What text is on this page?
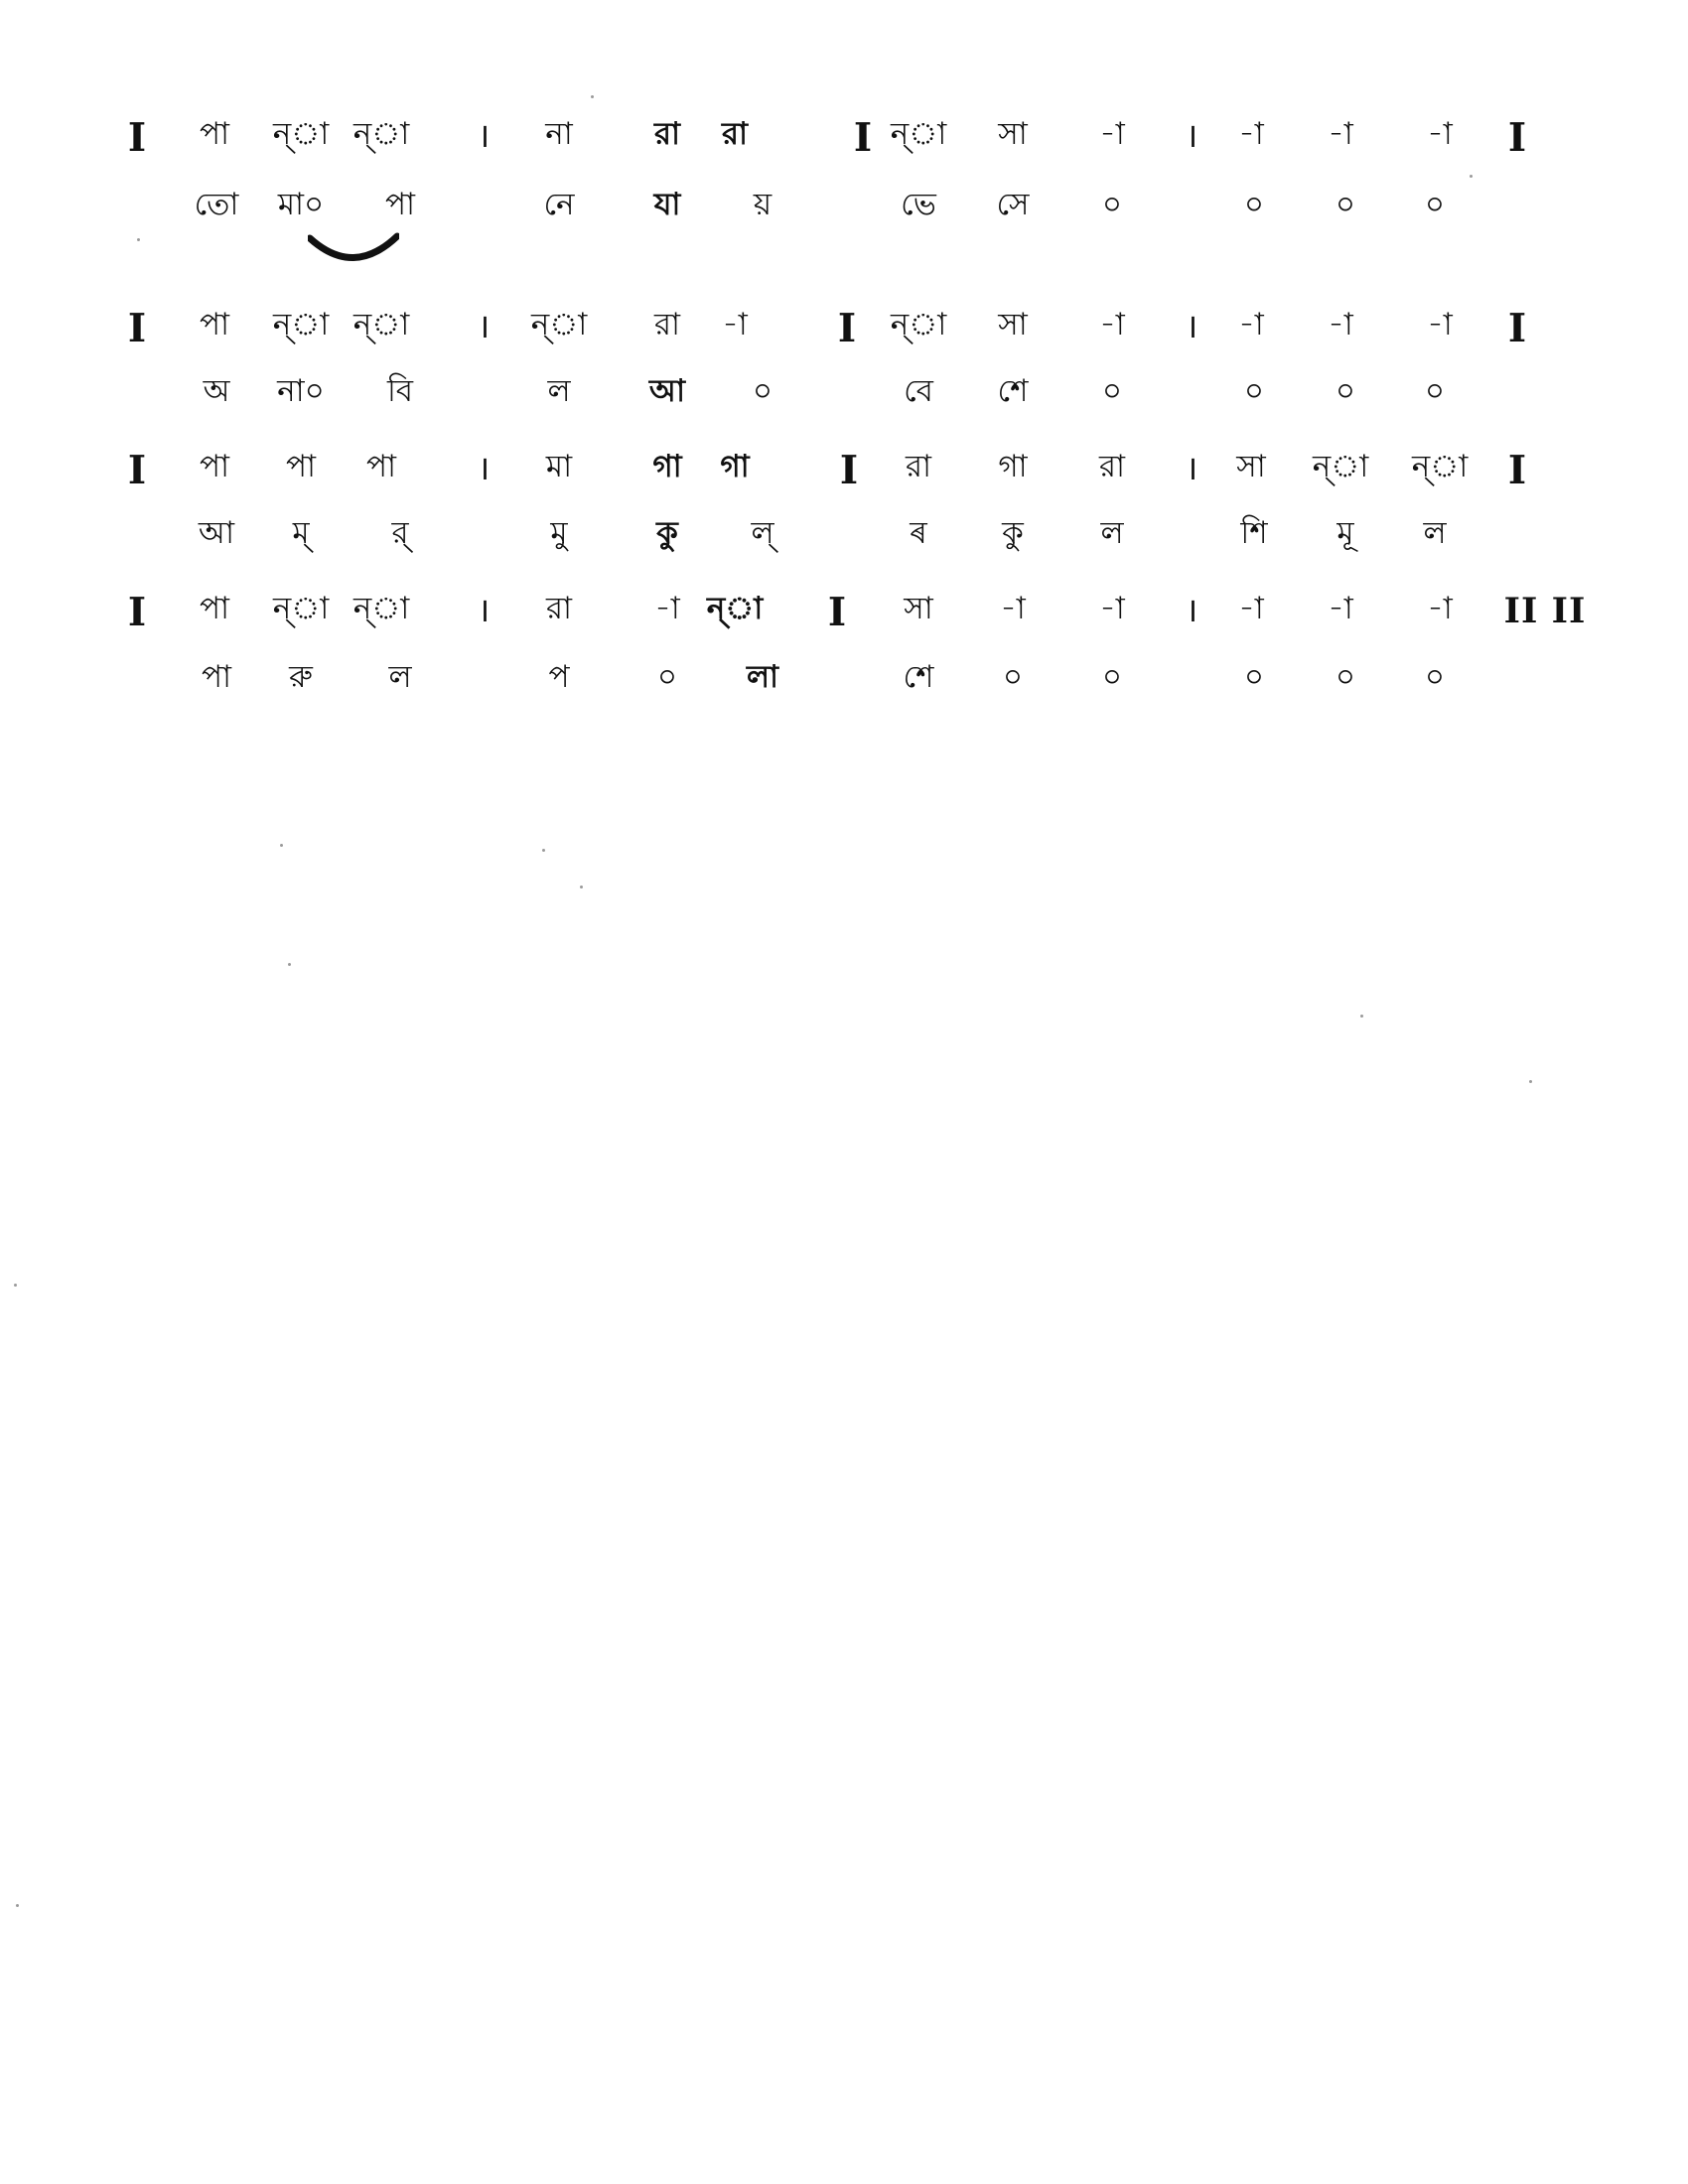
I পা ন্া ন্া । না	রা রা	I ন্া সা -া । -া -া -া I
তো মা০ পা	নে	যা য়	ভে সে ০	০ ০ ০
I পা ন্া ন্া । ন্া রা -া I ন্া সা -া । -া -া -া I
অ না০ বি	ল	আ ০	বে শে ০	০ ০ ০
I পা পা পা । মা	গা গা I রা গা রা । সা ন্া ন্া I
আ ম্	র্	মু	কু ল্	ৰ কু	ল	শি মূ ল
I পা ন্া ন্া । রা	-া ন্া I সা -া -া । -া -া -া II II
পা রু ল	প	০ লা	শে ০	০	০ ০ ০
